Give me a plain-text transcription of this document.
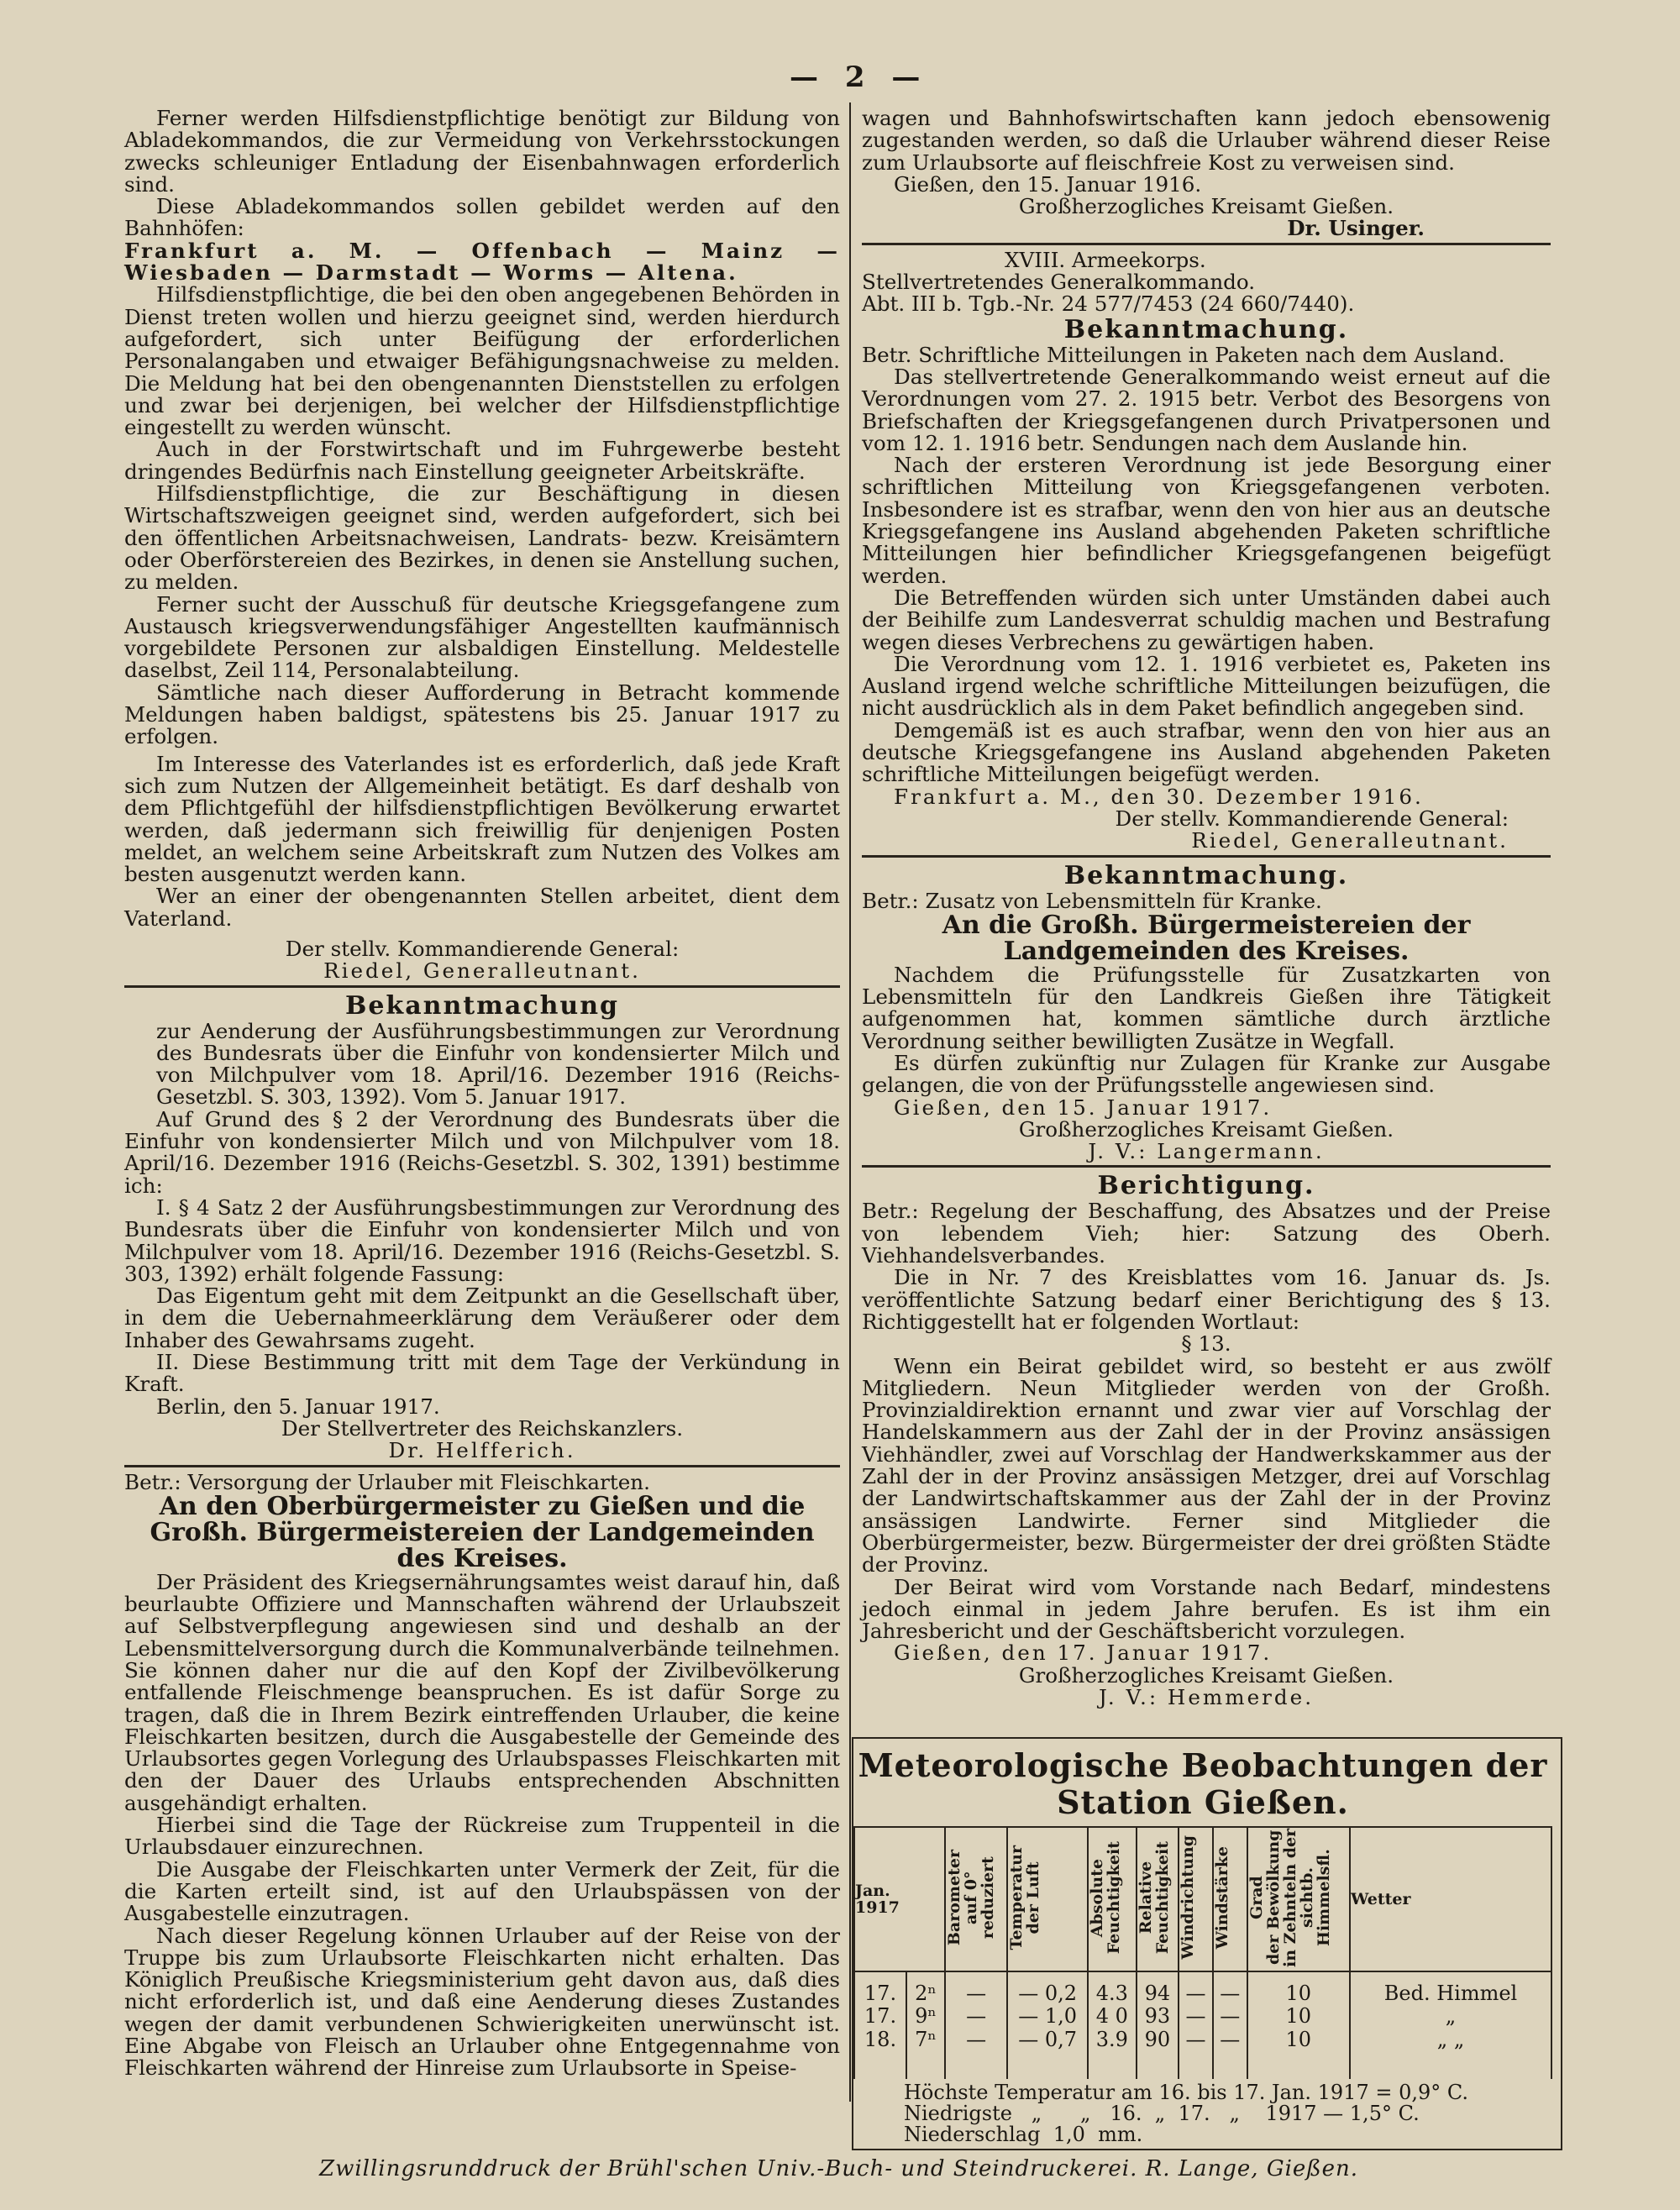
— 2 —
Ferner werden Hilfsdienstpflichtige benötigt zur Bildung von Abladekommandos, die zur Vermeidung von Verkehrsstockungen zwecks schleuniger Entladung der Eisenbahnwagen erforderlich sind.
Diese Abladekommandos sollen gebildet werden auf den Bahnhöfen:
Frankfurt a. M. — Offenbach — Mainz — Wiesbaden — Darmstadt — Worms — Altena.
Hilfsdienstpflichtige, die bei den oben angegebenen Behörden in Dienst treten wollen und hierzu geeignet sind, werden hierdurch aufgefordert, sich unter Beifügung der erforderlichen Personalangaben und etwaiger Befähigungsnachweise zu melden. Die Meldung hat bei den obengenannten Dienststellen zu erfolgen und zwar bei derjenigen, bei welcher der Hilfsdienstpflichtige eingestellt zu werden wünscht.
Auch in der Forstwirtschaft und im Fuhrgewerbe besteht dringendes Bedürfnis nach Einstellung geeigneter Arbeitskräfte.
Hilfsdienstpflichtige, die zur Beschäftigung in diesen Wirtschaftszweigen geeignet sind, werden aufgefordert, sich bei den öffentlichen Arbeitsnachweisen, Landrats- bezw. Kreisämtern oder Oberförstereien des Bezirkes, in denen sie Anstellung suchen, zu melden.
Ferner sucht der Ausschuß für deutsche Kriegsgefangene zum Austausch kriegsverwendungsfähiger Angestellten kaufmännisch vorgebildete Personen zur alsbaldigen Einstellung. Meldestelle daselbst, Zeil 114, Personalabteilung.
Sämtliche nach dieser Aufforderung in Betracht kommende Meldungen haben baldigst, spätestens bis 25. Januar 1917 zu erfolgen.
Im Interesse des Vaterlandes ist es erforderlich, daß jede Kraft sich zum Nutzen der Allgemeinheit betätigt. Es darf deshalb von dem Pflichtgefühl der hilfsdienstpflichtigen Bevölkerung erwartet werden, daß jedermann sich freiwillig für denjenigen Posten meldet, an welchem seine Arbeitskraft zum Nutzen des Volkes am besten ausgenutzt werden kann.
Wer an einer der obengenannten Stellen arbeitet, dient dem Vaterland.
Der stellv. Kommandierende General:
Riedel, Generalleutnant.
Bekanntmachung
zur Aenderung der Ausführungsbestimmungen zur Verordnung des Bundesrats über die Einfuhr von kondensierter Milch und von Milchpulver vom 18. April/16. Dezember 1916 (Reichs-Gesetzbl. S. 303, 1392). Vom 5. Januar 1917.
Auf Grund des § 2 der Verordnung des Bundesrats über die Einfuhr von kondensierter Milch und von Milchpulver vom 18. April/16. Dezember 1916 (Reichs-Gesetzbl. S. 302, 1391) bestimme ich:
I. § 4 Satz 2 der Ausführungsbestimmungen zur Verordnung des Bundesrats über die Einfuhr von kondensierter Milch und von Milchpulver vom 18. April/16. Dezember 1916 (Reichs-Gesetzbl. S. 303, 1392) erhält folgende Fassung:
Das Eigentum geht mit dem Zeitpunkt an die Gesellschaft über, in dem die Uebernahmeerklärung dem Veräußerer oder dem Inhaber des Gewahrsams zugeht.
II. Diese Bestimmung tritt mit dem Tage der Verkündung in Kraft.
Berlin, den 5. Januar 1917.
Der Stellvertreter des Reichskanzlers.
Dr. Helfferich.
Betr.: Versorgung der Urlauber mit Fleischkarten.
An den Oberbürgermeister zu Gießen und die Großh. Bürgermeistereien der Landgemeinden des Kreises.
Der Präsident des Kriegsernährungsamtes weist darauf hin, daß beurlaubte Offiziere und Mannschaften während der Urlaubszeit auf Selbstverpflegung angewiesen sind und deshalb an der Lebensmittelversorgung durch die Kommunalverbände teilnehmen. Sie können daher nur die auf den Kopf der Zivilbevölkerung entfallende Fleischmenge beanspruchen. Es ist dafür Sorge zu tragen, daß die in Ihrem Bezirk eintreffenden Urlauber, die keine Fleischkarten besitzen, durch die Ausgabestelle der Gemeinde des Urlaubsortes gegen Vorlegung des Urlaubspasses Fleischkarten mit den der Dauer des Urlaubs entsprechenden Abschnitten ausgehändigt erhalten.
Hierbei sind die Tage der Rückreise zum Truppenteil in die Urlaubsdauer einzurechnen.
Die Ausgabe der Fleischkarten unter Vermerk der Zeit, für die die Karten erteilt sind, ist auf den Urlaubspässen von der Ausgabestelle einzutragen.
Nach dieser Regelung können Urlauber auf der Reise von der Truppe bis zum Urlaubsorte Fleischkarten nicht erhalten. Das Königlich Preußische Kriegsministerium geht davon aus, daß dies nicht erforderlich ist, und daß eine Aenderung dieses Zustandes wegen der damit verbundenen Schwierigkeiten unerwünscht ist. Eine Abgabe von Fleisch an Urlauber ohne Entgegennahme von Fleischkarten während der Hinreise zum Urlaubsorte in Speise-
wagen und Bahnhofswirtschaften kann jedoch ebensowenig zugestanden werden, so daß die Urlauber während dieser Reise zum Urlaubsorte auf fleischfreie Kost zu verweisen sind.
Gießen, den 15. Januar 1916.
Großherzogliches Kreisamt Gießen.
Dr. Usinger.
XVIII. Armeekorps.
Stellvertretendes Generalkommando.
Abt. III b. Tgb.-Nr. 24 577/7453 (24 660/7440).
Bekanntmachung.
Betr. Schriftliche Mitteilungen in Paketen nach dem Ausland.
Das stellvertretende Generalkommando weist erneut auf die Verordnungen vom 27. 2. 1915 betr. Verbot des Besorgens von Briefschaften der Kriegsgefangenen durch Privatpersonen und vom 12. 1. 1916 betr. Sendungen nach dem Auslande hin.
Nach der ersteren Verordnung ist jede Besorgung einer schriftlichen Mitteilung von Kriegsgefangenen verboten. Insbesondere ist es strafbar, wenn den von hier aus an deutsche Kriegsgefangene ins Ausland abgehenden Paketen schriftliche Mitteilungen hier befindlicher Kriegsgefangenen beigefügt werden.
Die Betreffenden würden sich unter Umständen dabei auch der Beihilfe zum Landesverrat schuldig machen und Bestrafung wegen dieses Verbrechens zu gewärtigen haben.
Die Verordnung vom 12. 1. 1916 verbietet es, Paketen ins Ausland irgend welche schriftliche Mitteilungen beizufügen, die nicht ausdrücklich als in dem Paket befindlich angegeben sind.
Demgemäß ist es auch strafbar, wenn den von hier aus an deutsche Kriegsgefangene ins Ausland abgehenden Paketen schriftliche Mitteilungen beigefügt werden.
Frankfurt a. M., den 30. Dezember 1916.
Der stellv. Kommandierende General:
Riedel, Generalleutnant.
Bekanntmachung.
Betr.: Zusatz von Lebensmitteln für Kranke.
An die Großh. Bürgermeistereien der Landgemeinden des Kreises.
Nachdem die Prüfungsstelle für Zusatzkarten von Lebensmitteln für den Landkreis Gießen ihre Tätigkeit aufgenommen hat, kommen sämtliche durch ärztliche Verordnung seither bewilligten Zusätze in Wegfall.
Es dürfen zukünftig nur Zulagen für Kranke zur Ausgabe gelangen, die von der Prüfungsstelle angewiesen sind.
Gießen, den 15. Januar 1917.
Großherzogliches Kreisamt Gießen.
J. V.: Langermann.
Berichtigung.
Betr.: Regelung der Beschaffung, des Absatzes und der Preise von lebendem Vieh; hier: Satzung des Oberh. Viehhandelsverbandes.
Die in Nr. 7 des Kreisblattes vom 16. Januar ds. Js. veröffentlichte Satzung bedarf einer Berichtigung des § 13. Richtiggestellt hat er folgenden Wortlaut:
§ 13.
Wenn ein Beirat gebildet wird, so besteht er aus zwölf Mitgliedern. Neun Mitglieder werden von der Großh. Provinzialdirektion ernannt und zwar vier auf Vorschlag der Handelskammern aus der Zahl der in der Provinz ansässigen Viehhändler, zwei auf Vorschlag der Handwerkskammer aus der Zahl der in der Provinz ansässigen Metzger, drei auf Vorschlag der Landwirtschaftskammer aus der Zahl der in der Provinz ansässigen Landwirte. Ferner sind Mitglieder die Oberbürgermeister, bezw. Bürgermeister der drei größten Städte der Provinz.
Der Beirat wird vom Vorstande nach Bedarf, mindestens jedoch einmal in jedem Jahre berufen. Es ist ihm ein Jahresbericht und der Geschäftsbericht vorzulegen.
Gießen, den 17. Januar 1917.
Großherzogliches Kreisamt Gießen.
J. V.: Hemmerde.
Meteorologische Beobachtungen der Station Gießen.
Jan.
1917		Barometer
auf 0°
reduziert	Temperatur
der Luft	Absolute
Feuchtigkeit	Relative
Feuchtigkeit	Windrichtung	Windstärke	Grad
der Bewölkung
in Zehnteln der
sichtb. Himmelsfl.	Wetter
17.	2ⁿ	—	— 0,2	4.3	94	—	—	10	Bed. Himmel
17.	9ⁿ	—	— 1,0	4 0	93	—	—	10	„
18.	7ⁿ	—	— 0,7	3.9	90	—	—	10	„ „
Höchste Temperatur am 16. bis 17. Jan. 1917 = 0,9° C.
Niedrigste   „      „   16.  „  17.   „    1917 — 1,5° C.
Niederschlag  1,0  mm.
Zwillingsrunddruck der Brühl'schen Univ.-Buch- und Steindruckerei. R. Lange, Gießen.
